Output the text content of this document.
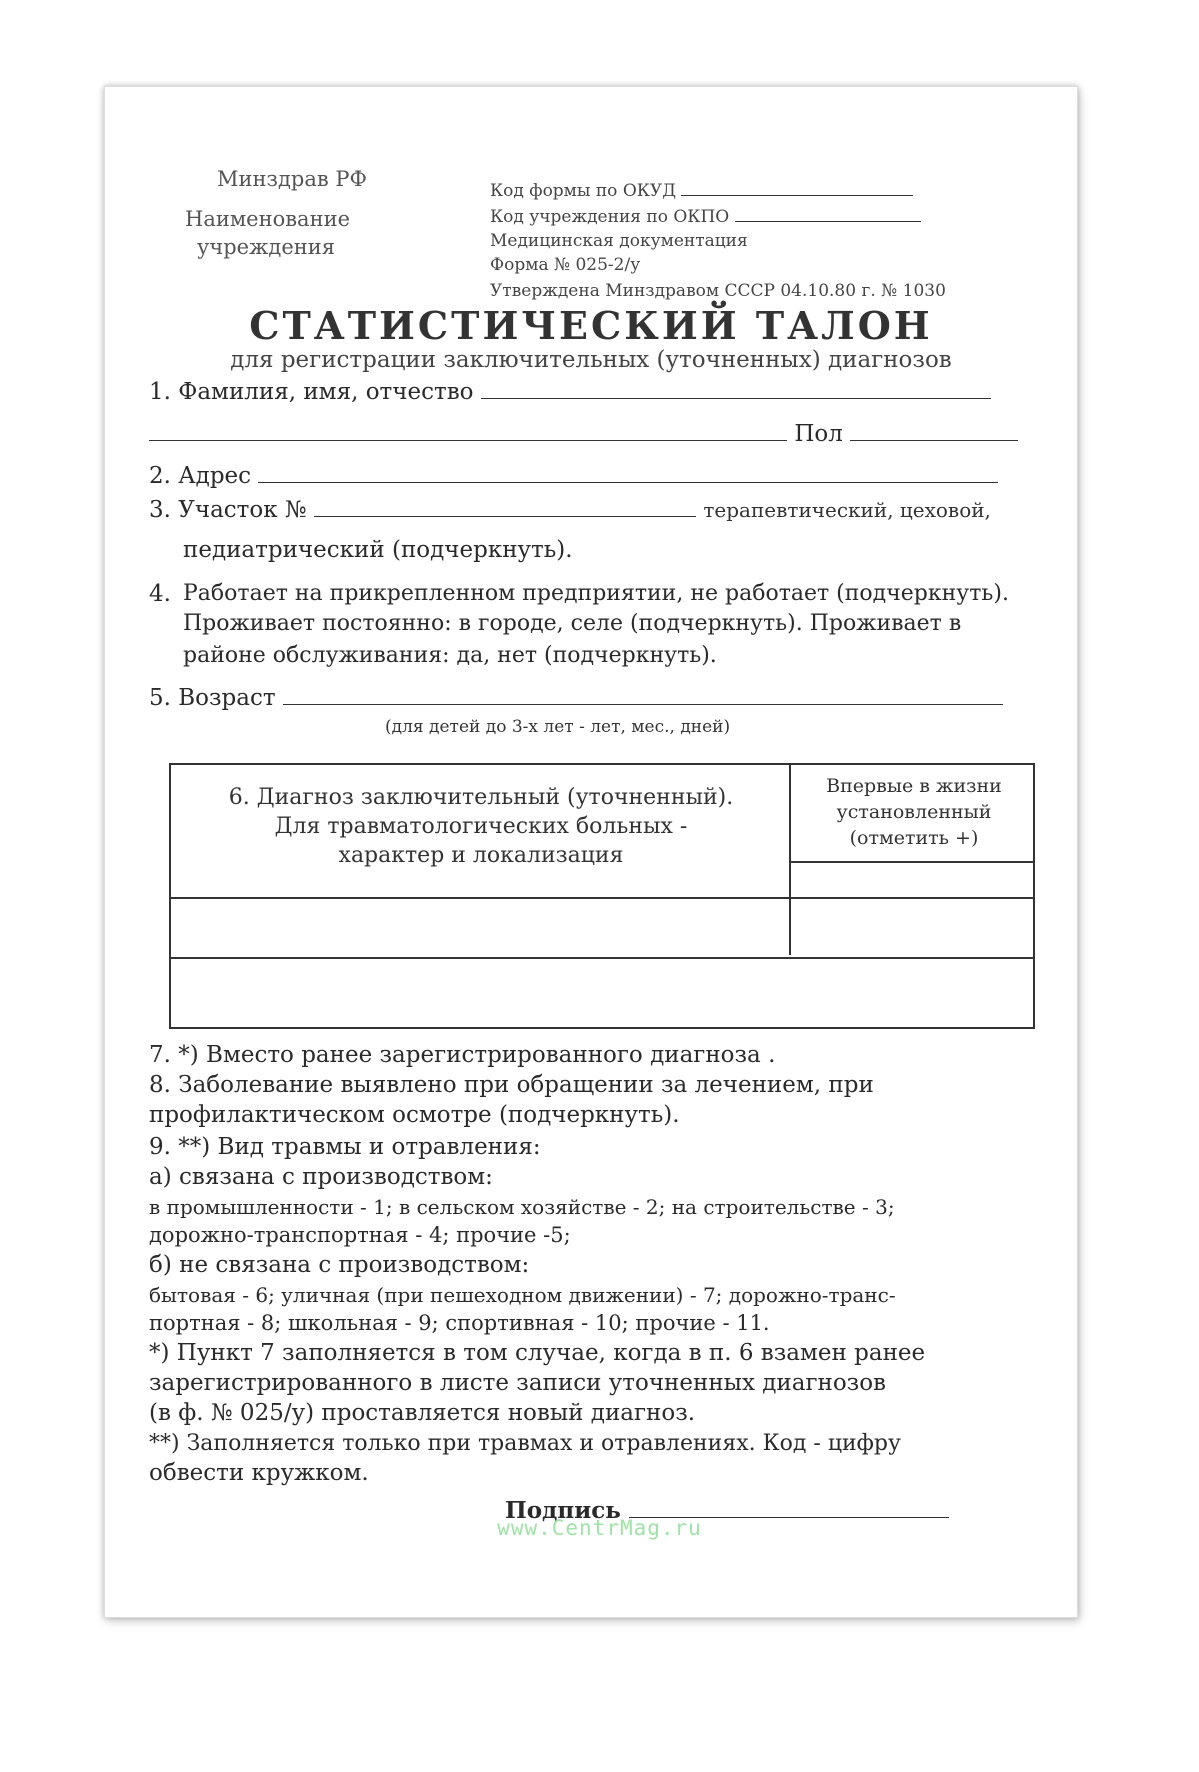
Минздрав РФ
Наименование
учреждения
Код формы по ОКУД
Код учреждения по ОКПО
Медицинская документация
Форма № 025-2/у
Утверждена Минздравом СССР 04.10.80 г. № 1030
СТАТИСТИЧЕСКИЙ ТАЛОН
для регистрации заключительных (уточненных) диагнозов
1. Фамилия, имя, отчество
Пол
2. Адрес
3. Участок №	терапевтический, цеховой,
педиатрический (подчеркнуть).
4. Работает на прикрепленном предприятии, не работает (подчеркнуть).
Проживает постоянно: в городе, селе (подчеркнуть). Проживает в
районе обслуживания: да, нет (подчеркнуть).
5. Возраст
(для детей до 3-х лет - лет, мес., дней)
6. Диагноз заключительный (уточненный).
Для травматологических больных -
характер и локализация
Впервые в жизни
установленный
(отметить +)
7. *) Вместо ранее зарегистрированного диагноза .
8. Заболевание выявлено при обращении за лечением, при
профилактическом осмотре (подчеркнуть).
9. **) Вид травмы и отравления:
а) связана с производством:
в промышленности - 1; в сельском хозяйстве - 2; на строительстве - 3;
дорожно-транспортная - 4; прочие -5;
б) не связана с производством:
бытовая - 6; уличная (при пешеходном движении) - 7; дорожно-транс-
портная - 8; школьная - 9; спортивная - 10; прочие - 11.
*) Пункт 7 заполняется в том случае, когда в п. 6 взамен ранее
зарегистрированного в листе записи уточненных диагнозов
(в ф. № 025/у) проставляется новый диагноз.
**) Заполняется только при травмах и отравлениях. Код - цифру
обвести кружком.
Подпись
www.CentrMag.ru
